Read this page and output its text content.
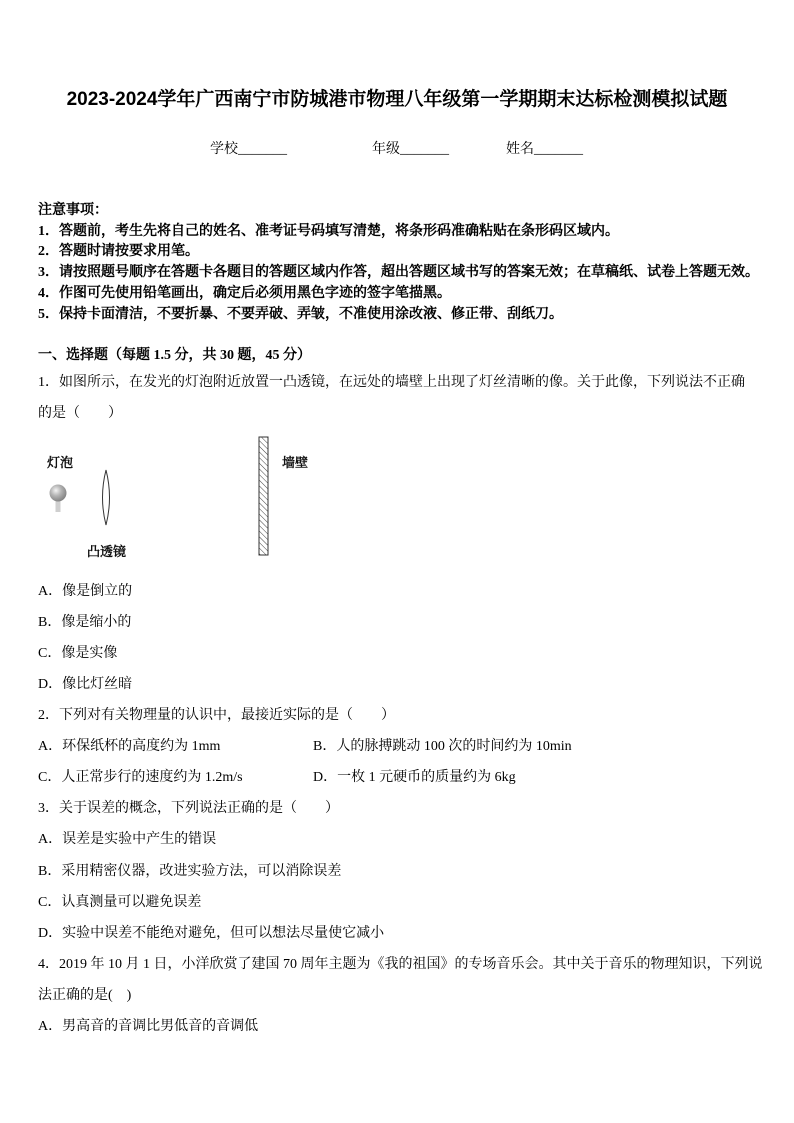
2023-2024学年广西南宁市防城港市物理八年级第一学期期末达标检测模拟试题
学校_______	年级_______	姓名_______
注意事项：
1．答题前，考生先将自己的姓名、准考证号码填写清楚，将条形码准确粘贴在条形码区域内。
2．答题时请按要求用笔。
3．请按照题号顺序在答题卡各题目的答题区域内作答，超出答题区域书写的答案无效；在草稿纸、试卷上答题无效。
4．作图可先使用铅笔画出，确定后必须用黑色字迹的签字笔描黑。
5．保持卡面清洁，不要折暴、不要弄破、弄皱，不准使用涂改液、修正带、刮纸刀。
一、选择题（每题 1.5 分，共 30 题，45 分）
1．如图所示，在发光的灯泡附近放置一凸透镜，在远处的墙壁上出现了灯丝清晰的像。关于此像，下列说法不正确的是（　　）
灯泡
凸透镜
墙壁
A．像是倒立的
B．像是缩小的
C．像是实像
D．像比灯丝暗
2．下列对有关物理量的认识中，最接近实际的是（　　）
A．环保纸杯的高度约为 1mm	B．人的脉搏跳动 100 次的时间约为 10min
C．人正常步行的速度约为 1.2m/s	D．一枚 1 元硬币的质量约为 6kg
3．关于误差的概念，下列说法正确的是（　　）
A．误差是实验中产生的错误
B．采用精密仪器，改进实验方法，可以消除误差
C．认真测量可以避免误差
D．实验中误差不能绝对避免，但可以想法尽量使它减小
4．2019 年 10 月 1 日，小洋欣赏了建国 70 周年主题为《我的祖国》的专场音乐会。其中关于音乐的物理知识，下列说法正确的是(　)
A．男高音的音调比男低音的音调低
